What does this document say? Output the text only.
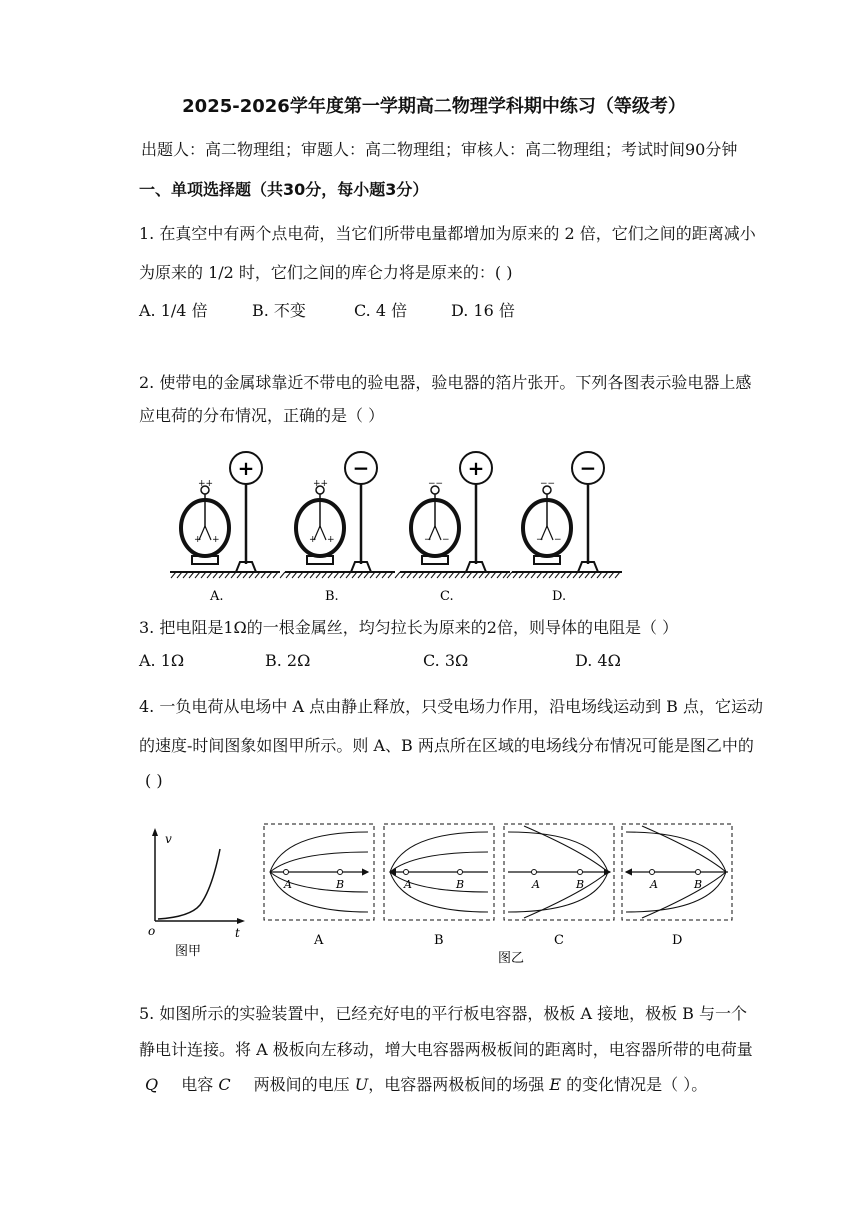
2025-2026学年度第一学期高二物理学科期中练习（等级考）
出题人：高二物理组；审题人：高二物理组；审核人：高二物理组；考试时间90分钟
一、单项选择题（共30分，每小题3分）
1. 在真空中有两个点电荷，当它们所带电量都增加为原来的 2 倍，它们之间的距离减小
为原来的 1/2 时，它们之间的库仑力将是原来的：( )
A. 1/4 倍	B. 不变	C. 4 倍	D. 16 倍
2. 使带电的金属球靠近不带电的验电器，验电器的箔片张开。下列各图表示验电器上感
应电荷的分布情况，正确的是（ ）
++
+ +
+
A.
++
+ +
−
B.
−−
− −
+
C.
−−
− −
−
D.
3. 把电阻是1Ω的一根金属丝，均匀拉长为原来的2倍，则导体的电阻是（ ）
A. 1Ω	B. 2Ω	C. 3Ω	D. 4Ω
4. 一负电荷从电场中 A 点由静止释放，只受电场力作用，沿电场线运动到 B 点，它运动
的速度-时间图象如图甲所示。则 A、B 两点所在区域的电场线分布情况可能是图乙中的
( )
v
t
o
图甲
A	B
A
A	B
B
A	B
C
A	B
D
图乙
5. 如图所示的实验装置中，已经充好电的平行板电容器，极板 A 接地，极板 B 与一个
静电计连接。将 A 极板向左移动，增大电容器两极板间的距离时，电容器所带的电荷量
Q 电容 C 两极间的电压 U，电容器两极板间的场强 E 的变化情况是（ ）。
